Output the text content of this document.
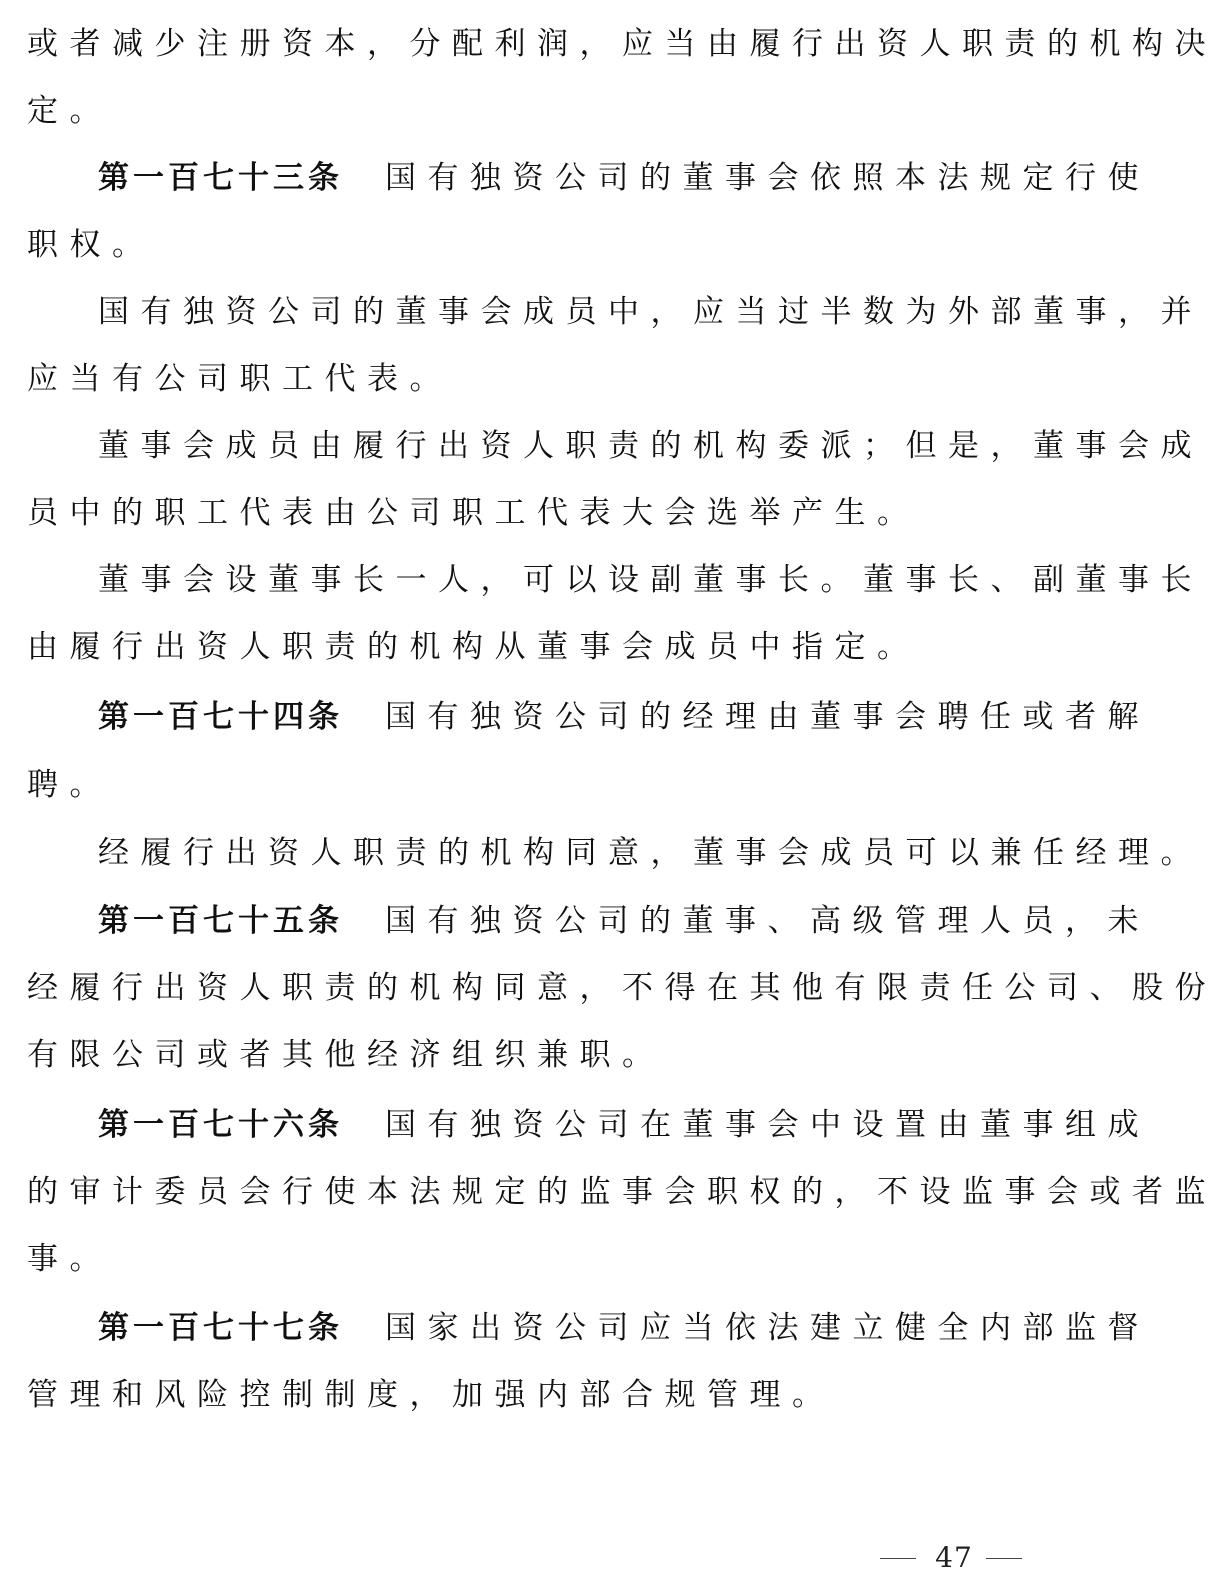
或者减少注册资本，分配利润，应当由履行出资人职责的机构决
定。
第一百七十三条 国有独资公司的董事会依照本法规定行使
职权。
国有独资公司的董事会成员中，应当过半数为外部董事，并
应当有公司职工代表。
董事会成员由履行出资人职责的机构委派；但是，董事会成
员中的职工代表由公司职工代表大会选举产生。
董事会设董事长一人，可以设副董事长。董事长、副董事长
由履行出资人职责的机构从董事会成员中指定。
第一百七十四条 国有独资公司的经理由董事会聘任或者解
聘。
经履行出资人职责的机构同意，董事会成员可以兼任经理。
第一百七十五条 国有独资公司的董事、高级管理人员，未
经履行出资人职责的机构同意，不得在其他有限责任公司、股份
有限公司或者其他经济组织兼职。
第一百七十六条 国有独资公司在董事会中设置由董事组成
的审计委员会行使本法规定的监事会职权的，不设监事会或者监
事。
第一百七十七条 国家出资公司应当依法建立健全内部监督
管理和风险控制制度，加强内部合规管理。
47
